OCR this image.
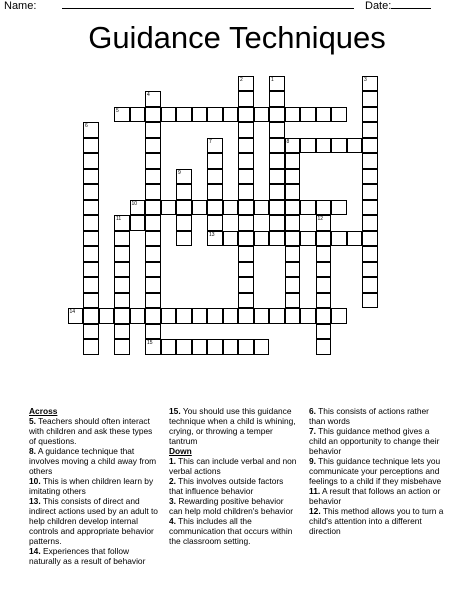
Name:	Date:
Guidance Techniques
5
6
4
8
7
13
9
10
1
2	3
11	12
14
15

Across

5. Teachers should often interact with children and ask these types of questions.

8. A guidance technique that involves moving a child away from others

10. This is when children learn by imitating others

13. This consists of direct and indirect actions used by an adult to help children develop internal controls and appropriate behavior patterns.

14. Experiences that follow naturally as a result of behavior

15. You should use this guidance technique when a child is whining, crying, or throwing a temper tantrum

Down

1. This can include verbal and non verbal actions

2. This involves outside factors that influence behavior

3. Rewarding positive behavior can help mold children's behavior

4. This includes all the communication that occurs within the classroom setting.

6. This consists of actions rather than words

7. This guidance method gives a child an opportunity to change their behavior

9. This guidance technique lets you communicate your perceptions and feelings to a child if they misbehave

11. A result that follows an action or behavior

12. This method allows you to turn a child's attention into a different direction
